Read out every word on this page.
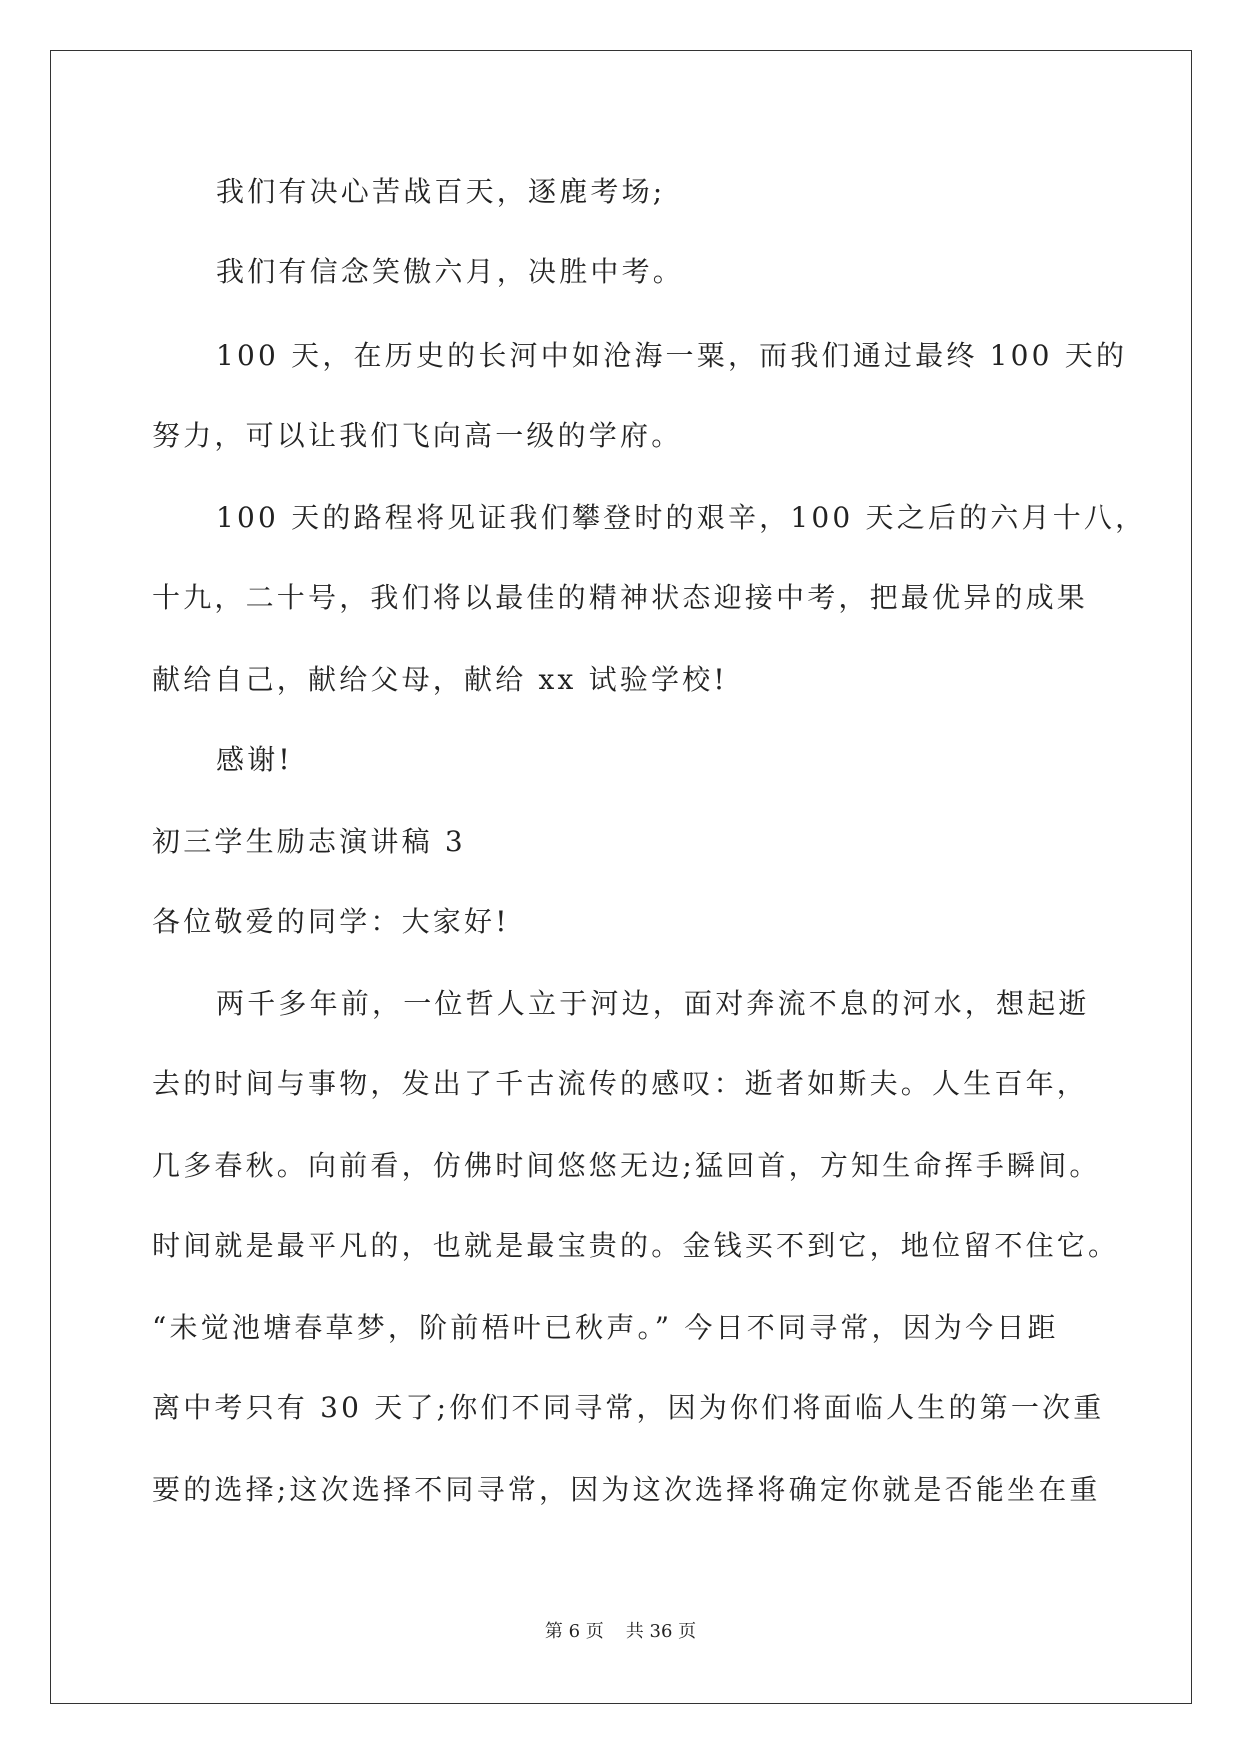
我们有决心苦战百天，逐鹿考场;
我们有信念笑傲六月，决胜中考。
100 天，在历史的长河中如沧海一粟，而我们通过最终 100 天的
努力，可以让我们飞向高一级的学府。
100 天的路程将见证我们攀登时的艰辛，100 天之后的六月十八，
十九，二十号，我们将以最佳的精神状态迎接中考，把最优异的成果
献给自己，献给父母，献给 xx 试验学校!
感谢!
初三学生励志演讲稿 3
各位敬爱的同学：大家好!
两千多年前，一位哲人立于河边，面对奔流不息的河水，想起逝
去的时间与事物，发出了千古流传的感叹：逝者如斯夫。人生百年，
几多春秋。向前看，仿佛时间悠悠无边;猛回首，方知生命挥手瞬间。
时间就是最平凡的，也就是最宝贵的。金钱买不到它，地位留不住它。
“未觉池塘春草梦，阶前梧叶已秋声。” 今日不同寻常，因为今日距
离中考只有 30 天了;你们不同寻常，因为你们将面临人生的第一次重
要的选择;这次选择不同寻常，因为这次选择将确定你就是否能坐在重
第 6 页 共 36 页
